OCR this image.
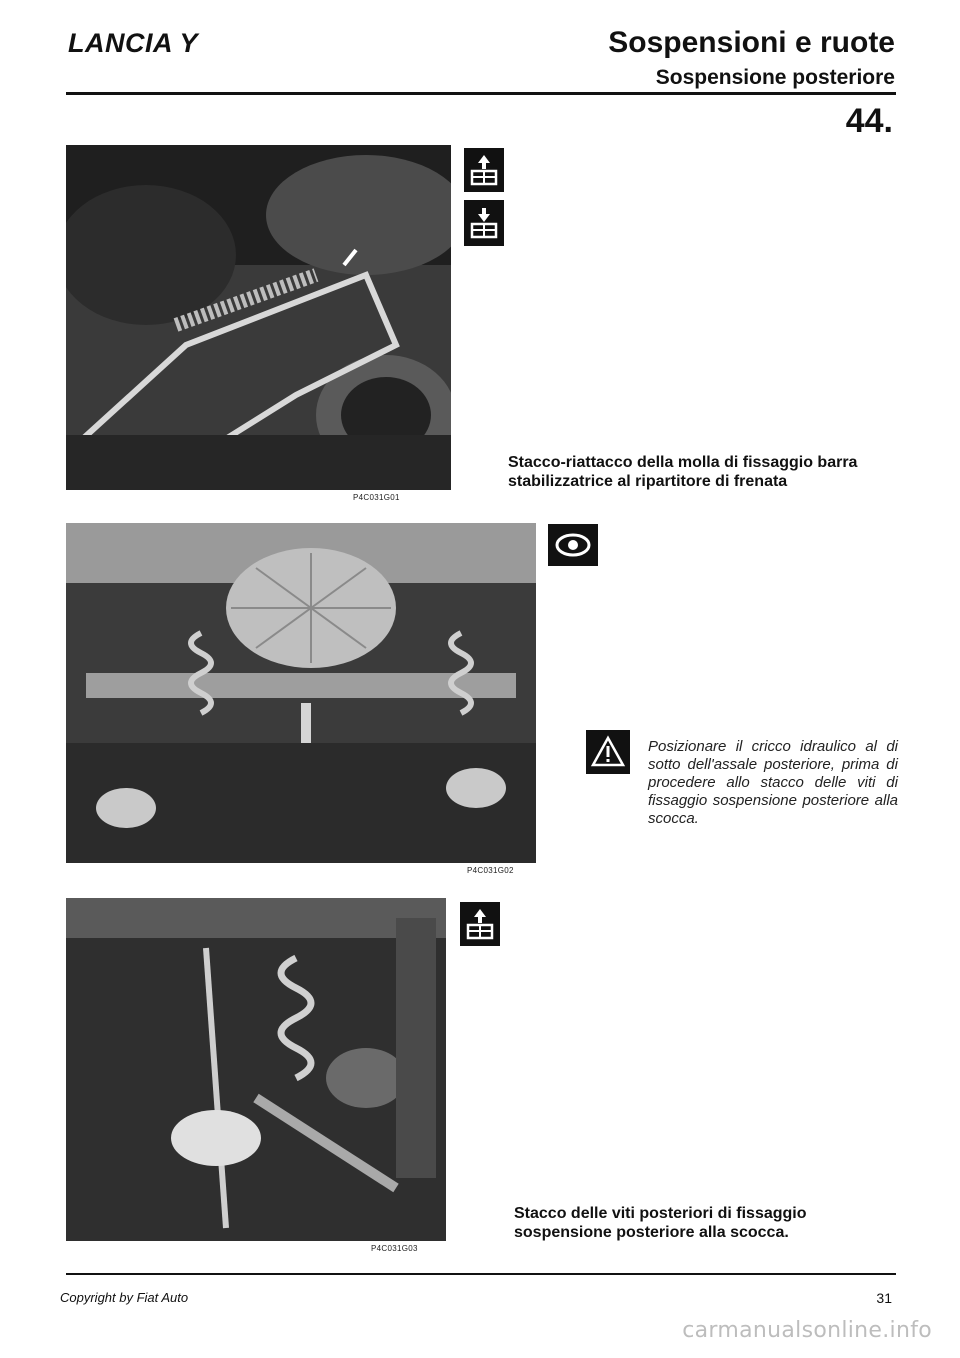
LANCIA Y	Sospensioni e ruote
Sospensione posteriore
44.
P4C031G01
Stacco-riattacco della molla di fissaggio barra stabilizzatrice al ripartitore di frenata
P4C031G02
Posizionare il cricco idraulico al di sotto dell'assale posteriore, prima di procedere allo stacco delle viti di fissaggio sospensione posteriore alla scocca.
P4C031G03
Stacco delle viti posteriori di fissaggio sospensione posteriore alla scocca.
Copyright by Fiat Auto	31
carmanualsonline.info
